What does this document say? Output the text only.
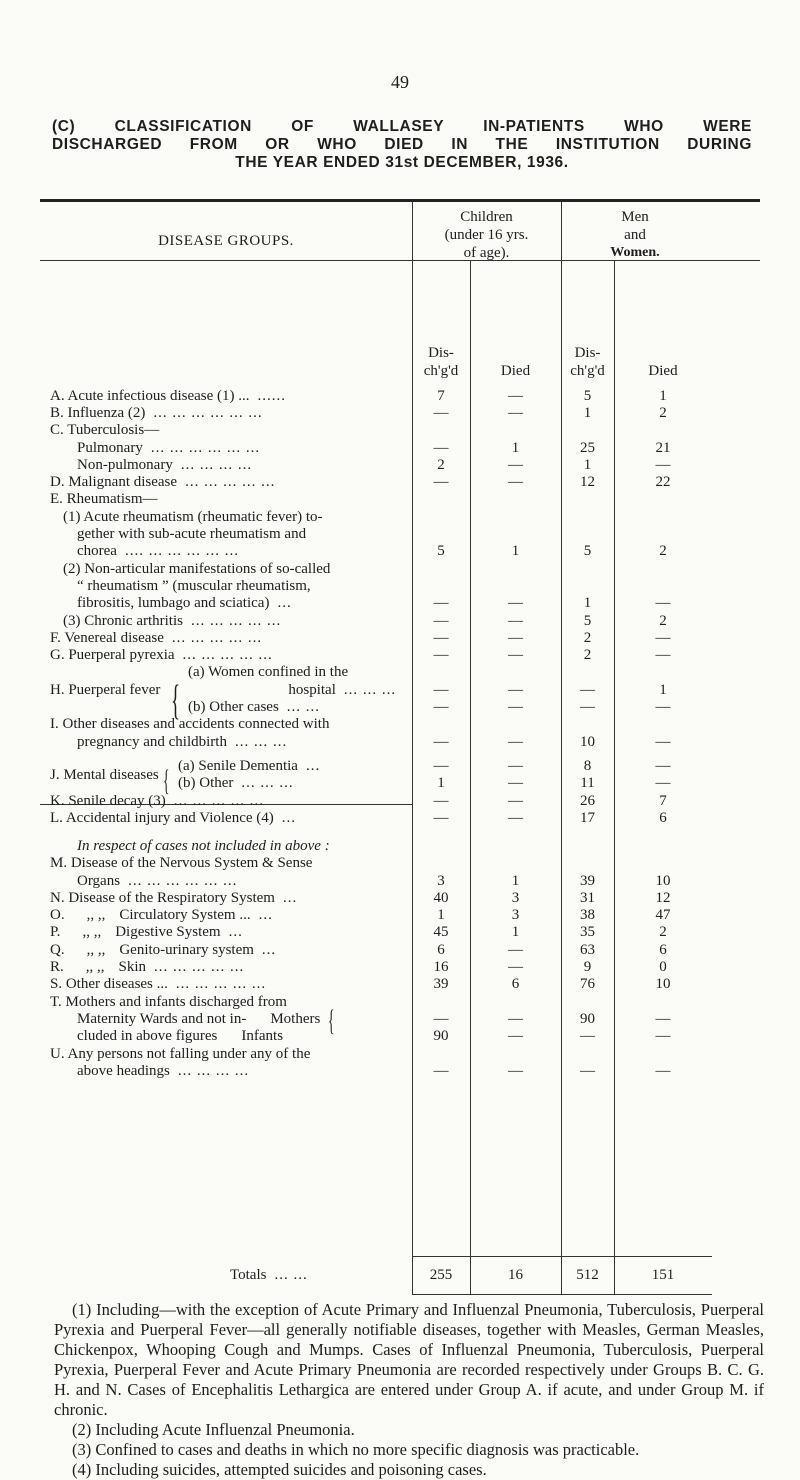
49
(C) CLASSIFICATION OF WALLASEY IN-PATIENTS WHO WERE
DISCHARGED FROM OR WHO DIED IN THE INSTITUTION DURING
THE YEAR ENDED 31st DECEMBER, 1936.
DISEASE GROUPS.
Children
(under 16 yrs.
of age).
Men
and
Women.
Dis-
ch'g'd	Died
Dis-
ch'g'd	Died
A. Acute infectious disease (1) ... ......	7	—	5	1
B. Influenza (2) ... ... ... ... ... ...	—	—	1	2
C. Tuberculosis—
Pulmonary ... ... ... ... ... ...	—	1	25	21
Non-pulmonary ... ... ... ...	2	—	1	—
D. Malignant disease ... ... ... ... ...	—	—	12	22
E. Rheumatism—
(1) Acute rheumatism (rheumatic fever) to-
gether with sub-acute rheumatism and
chorea .... ... ... ... ... ...	5	1	5	2
(2) Non-articular manifestations of so-called
“ rheumatism ” (muscular rheumatism,
fibrositis, lumbago and sciatica) ...	—	—	1	—
(3) Chronic arthritis ... ... ... ... ...	—	—	5	2
F. Venereal disease ... ... ... ... ...	—	—	2	—
G. Puerperal pyrexia ... ... ... ... ...	—	—	2	—
(a) Women confined in the
H. Puerperal fever	hospital ... ... ...	—	—	—	1
(b) Other cases ... ...	—	—	—	—
I. Other diseases and accidents connected with
pregnancy and childbirth ... ... ...	—	—	10	—
J. Mental diseases
(a) Senile Dementia ...	—	—	8	—
(b) Other ... ... ...	1	—	11	—
K. Senile decay (3) ... ... ... ... ...	—	—	26	7
L. Accidental injury and Violence (4) ...	—	—	17	6
In respect of cases not included in above :
M. Disease of the Nervous System & Sense
Organs ... ... ... ... ... ...	3	1	39	10
N. Disease of the Respiratory System ...	40	3	31	12
O. ,, ,, Circulatory System ... ...	1	3	38	47
P. ,, ,, Digestive System ...	45	1	35	2
Q. ,, ,, Genito-urinary system ...	6	—	63	6
R. ,, ,, Skin ... ... ... ... ...	16	—	9	0
S. Other diseases ... ... ... ... ... ...	39	6	76	10
T. Mothers and infants discharged from
Maternity Wards and not in- Mothers	—	—	90	—
cluded in above figures Infants	90	—	—	—
U. Any persons not falling under any of the
above headings ... ... ... ...	—	—	—	—
Totals ... ...	255	16	512	151
{
{
{

(1) Including—with the exception of Acute Primary and Influenzal Pneumonia, Tuberculosis, Puerperal Pyrexia and Puerperal Fever—all generally notifiable diseases, together with Measles, German Measles, Chickenpox, Whooping Cough and Mumps. Cases of Influenzal Pneumonia, Tuberculosis, Puerperal Pyrexia, Puerperal Fever and Acute Primary Pneumonia are recorded respectively under Groups B. C. G. H. and N. Cases of Encephalitis Lethargica are entered under Group A. if acute, and under Group M. if chronic.

(2) Including Acute Influenzal Pneumonia.

(3) Confined to cases and deaths in which no more specific diagnosis was practicable.

(4) Including suicides, attempted suicides and poisoning cases.
